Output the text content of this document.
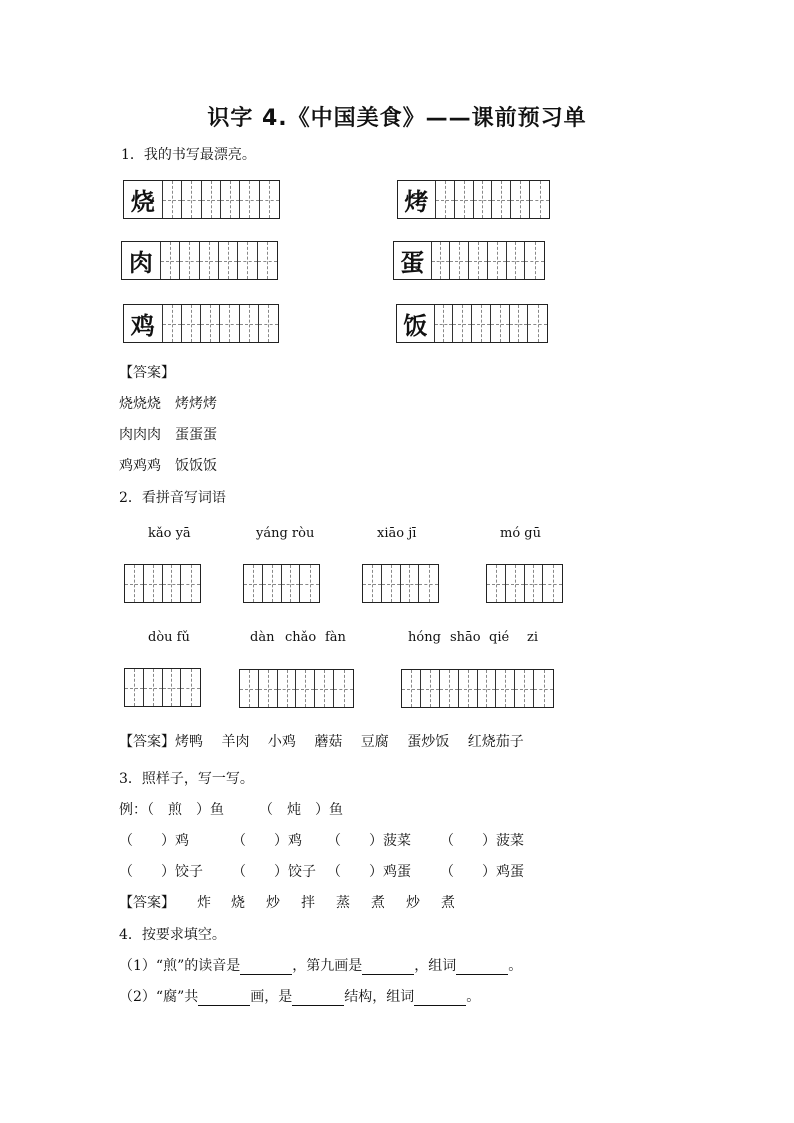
识字 4.《中国美食》——课前预习单
1．我的书写最漂亮。
烧	烤
肉	蛋
鸡	饭
【答案】
烧烧烧　 烤烤烤
肉肉肉　 蛋蛋蛋
鸡鸡鸡　 饭饭饭
2．看拼音写词语
kǎo yā	yáng ròu	xiāo jī	mó gū
dòu fǔ	dàn chǎo fàn	hóng shāo qié zi
【答案】烤鸭　 羊肉　 小鸡　 蘑菇　 豆腐　 蛋炒饭　 红烧茄子
3．照样子，写一写。
例：（　煎　）鱼　　　（　炖　）鱼
（　　）鸡	（　　）鸡 （　　）菠菜 （　　）菠菜
（　　）饺子 （　　）饺子 （　　）鸡蛋 （　　）鸡蛋
【答案】 炸 烧 炒 拌 蒸 煮 炒 煮
4．按要求填空。
（1）“煎”的读音是	，第九画是	，组词	。
（2）“腐”共	画，是	结构，组词	。
